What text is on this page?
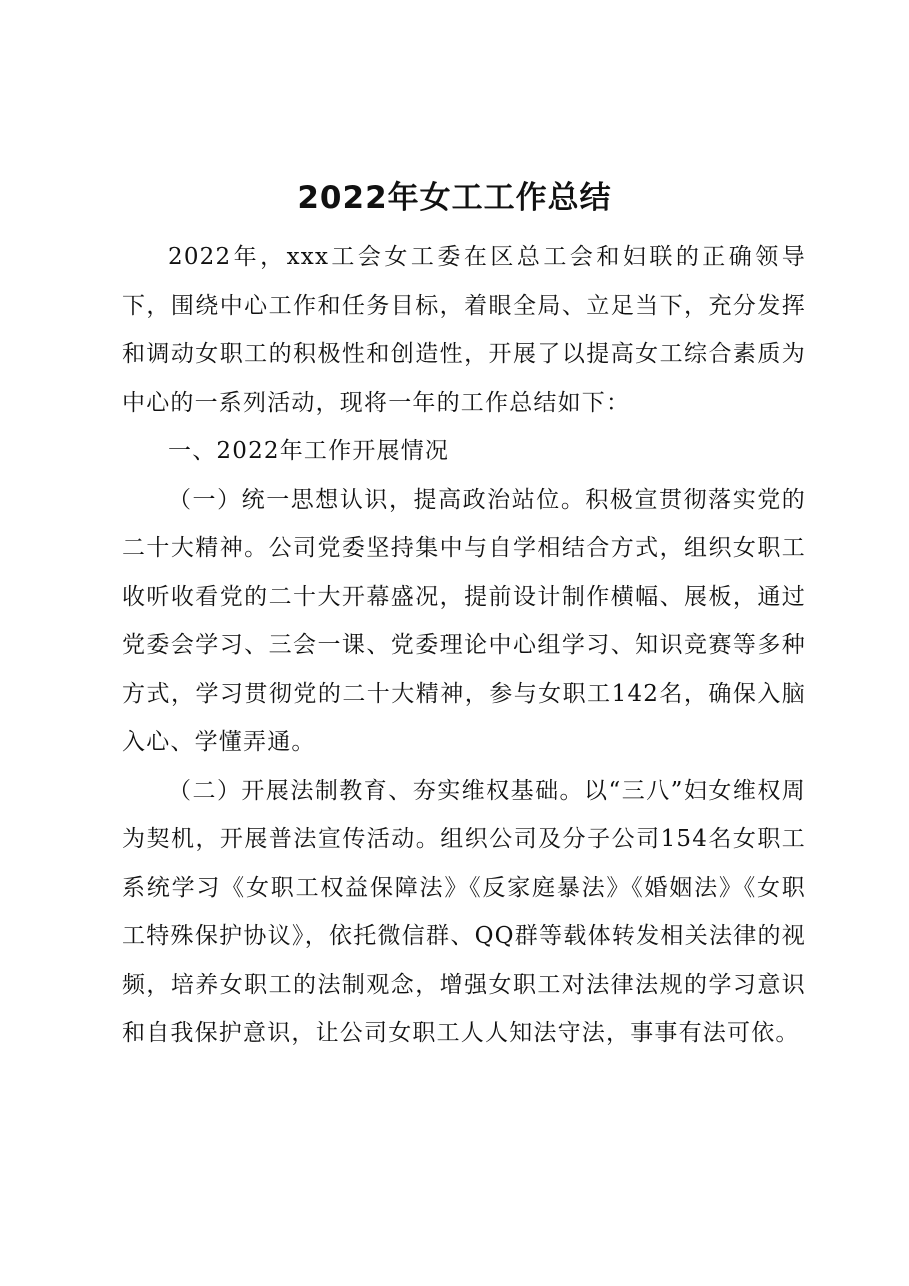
2022年女工工作总结

2022年，xxx工会女工委在区总工会和妇联的正确领导下，围绕中心工作和任务目标，着眼全局、立足当下，充分发挥和调动女职工的积极性和创造性，开展了以提高女工综合素质为中心的一系列活动，现将一年的工作总结如下：

一、2022年工作开展情况

（一）统一思想认识，提高政治站位。积极宣贯彻落实党的二十大精神。公司党委坚持集中与自学相结合方式，组织女职工收听收看党的二十大开幕盛况，提前设计制作横幅、展板，通过党委会学习、三会一课、党委理论中心组学习、知识竞赛等多种方式，学习贯彻党的二十大精神，参与女职工142名，确保入脑入心、学懂弄通。

（二）开展法制教育、夯实维权基础。以“三八”妇女维权周为契机，开展普法宣传活动。组织公司及分子公司154名女职工系统学习《女职工权益保障法》《反家庭暴法》《婚姻法》《女职工特殊保护协议》，依托微信群、QQ群等载体转发相关法律的视频，培养女职工的法制观念，增强女职工对法律法规的学习意识和自我保护意识，让公司女职工人人知法守法，事事有法可依。
